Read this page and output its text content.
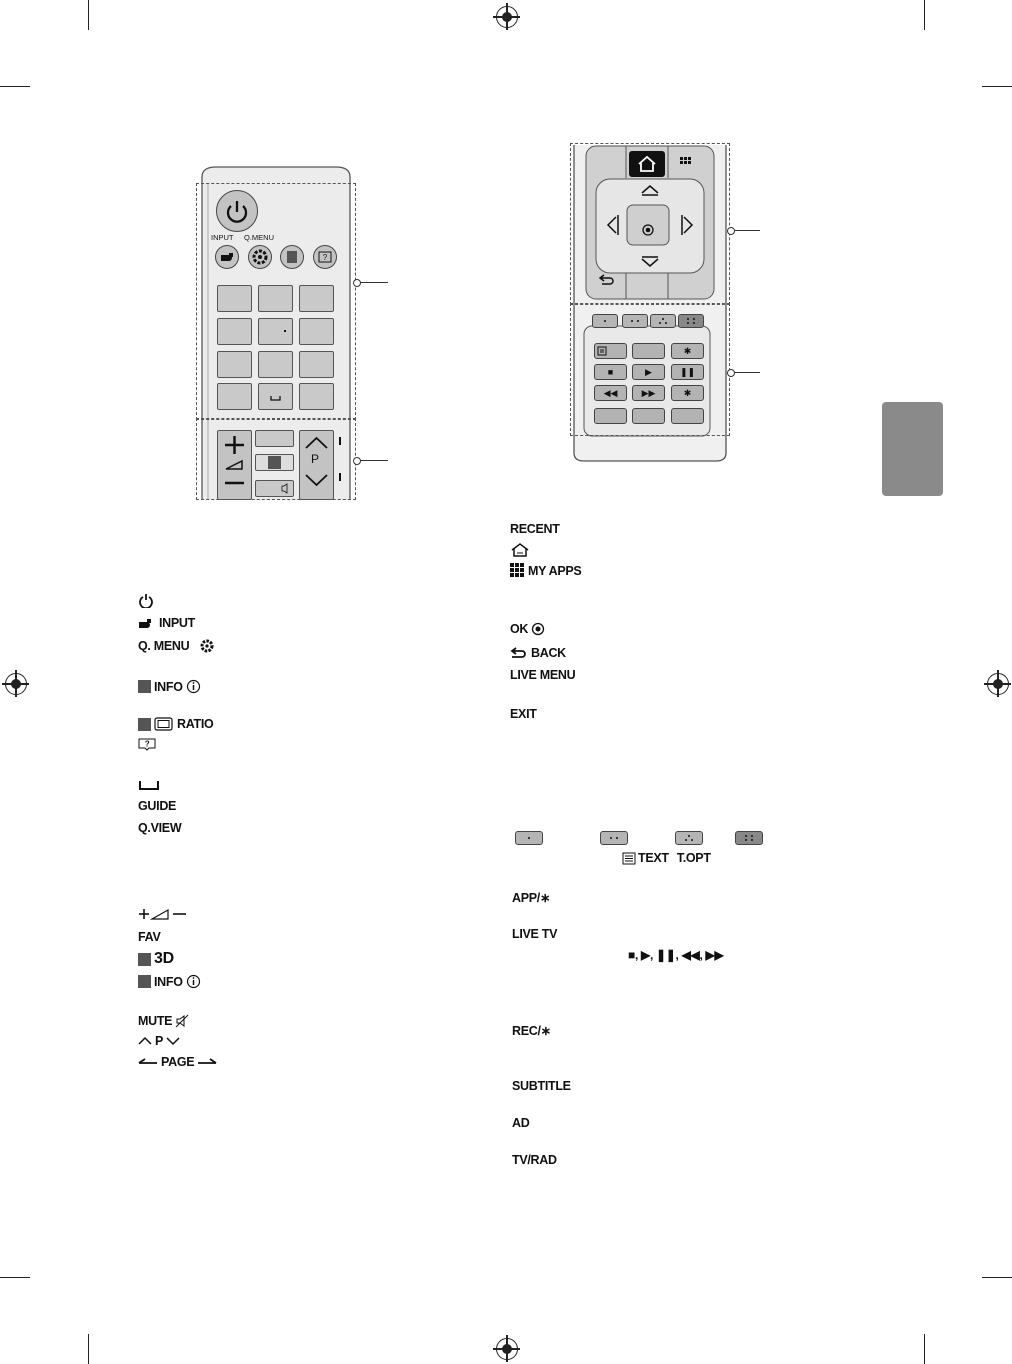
INPUT Q.MENU
?
P
✱
■	▶	❚❚
◀◀	▶▶	✱
INPUT
Q. MENU
INFO
RATIO
?
GUIDE
Q.VIEW
FAV
3D
INFO
MUTE
P
PAGE
RECENT
MY APPS
OK
BACK
LIVE MENU
EXIT
TEXT T.OPT
APP/∗
LIVE TV
■, ▶, ❚❚, ◀◀, ▶▶
REC/∗
SUBTITLE
AD
TV/RAD
